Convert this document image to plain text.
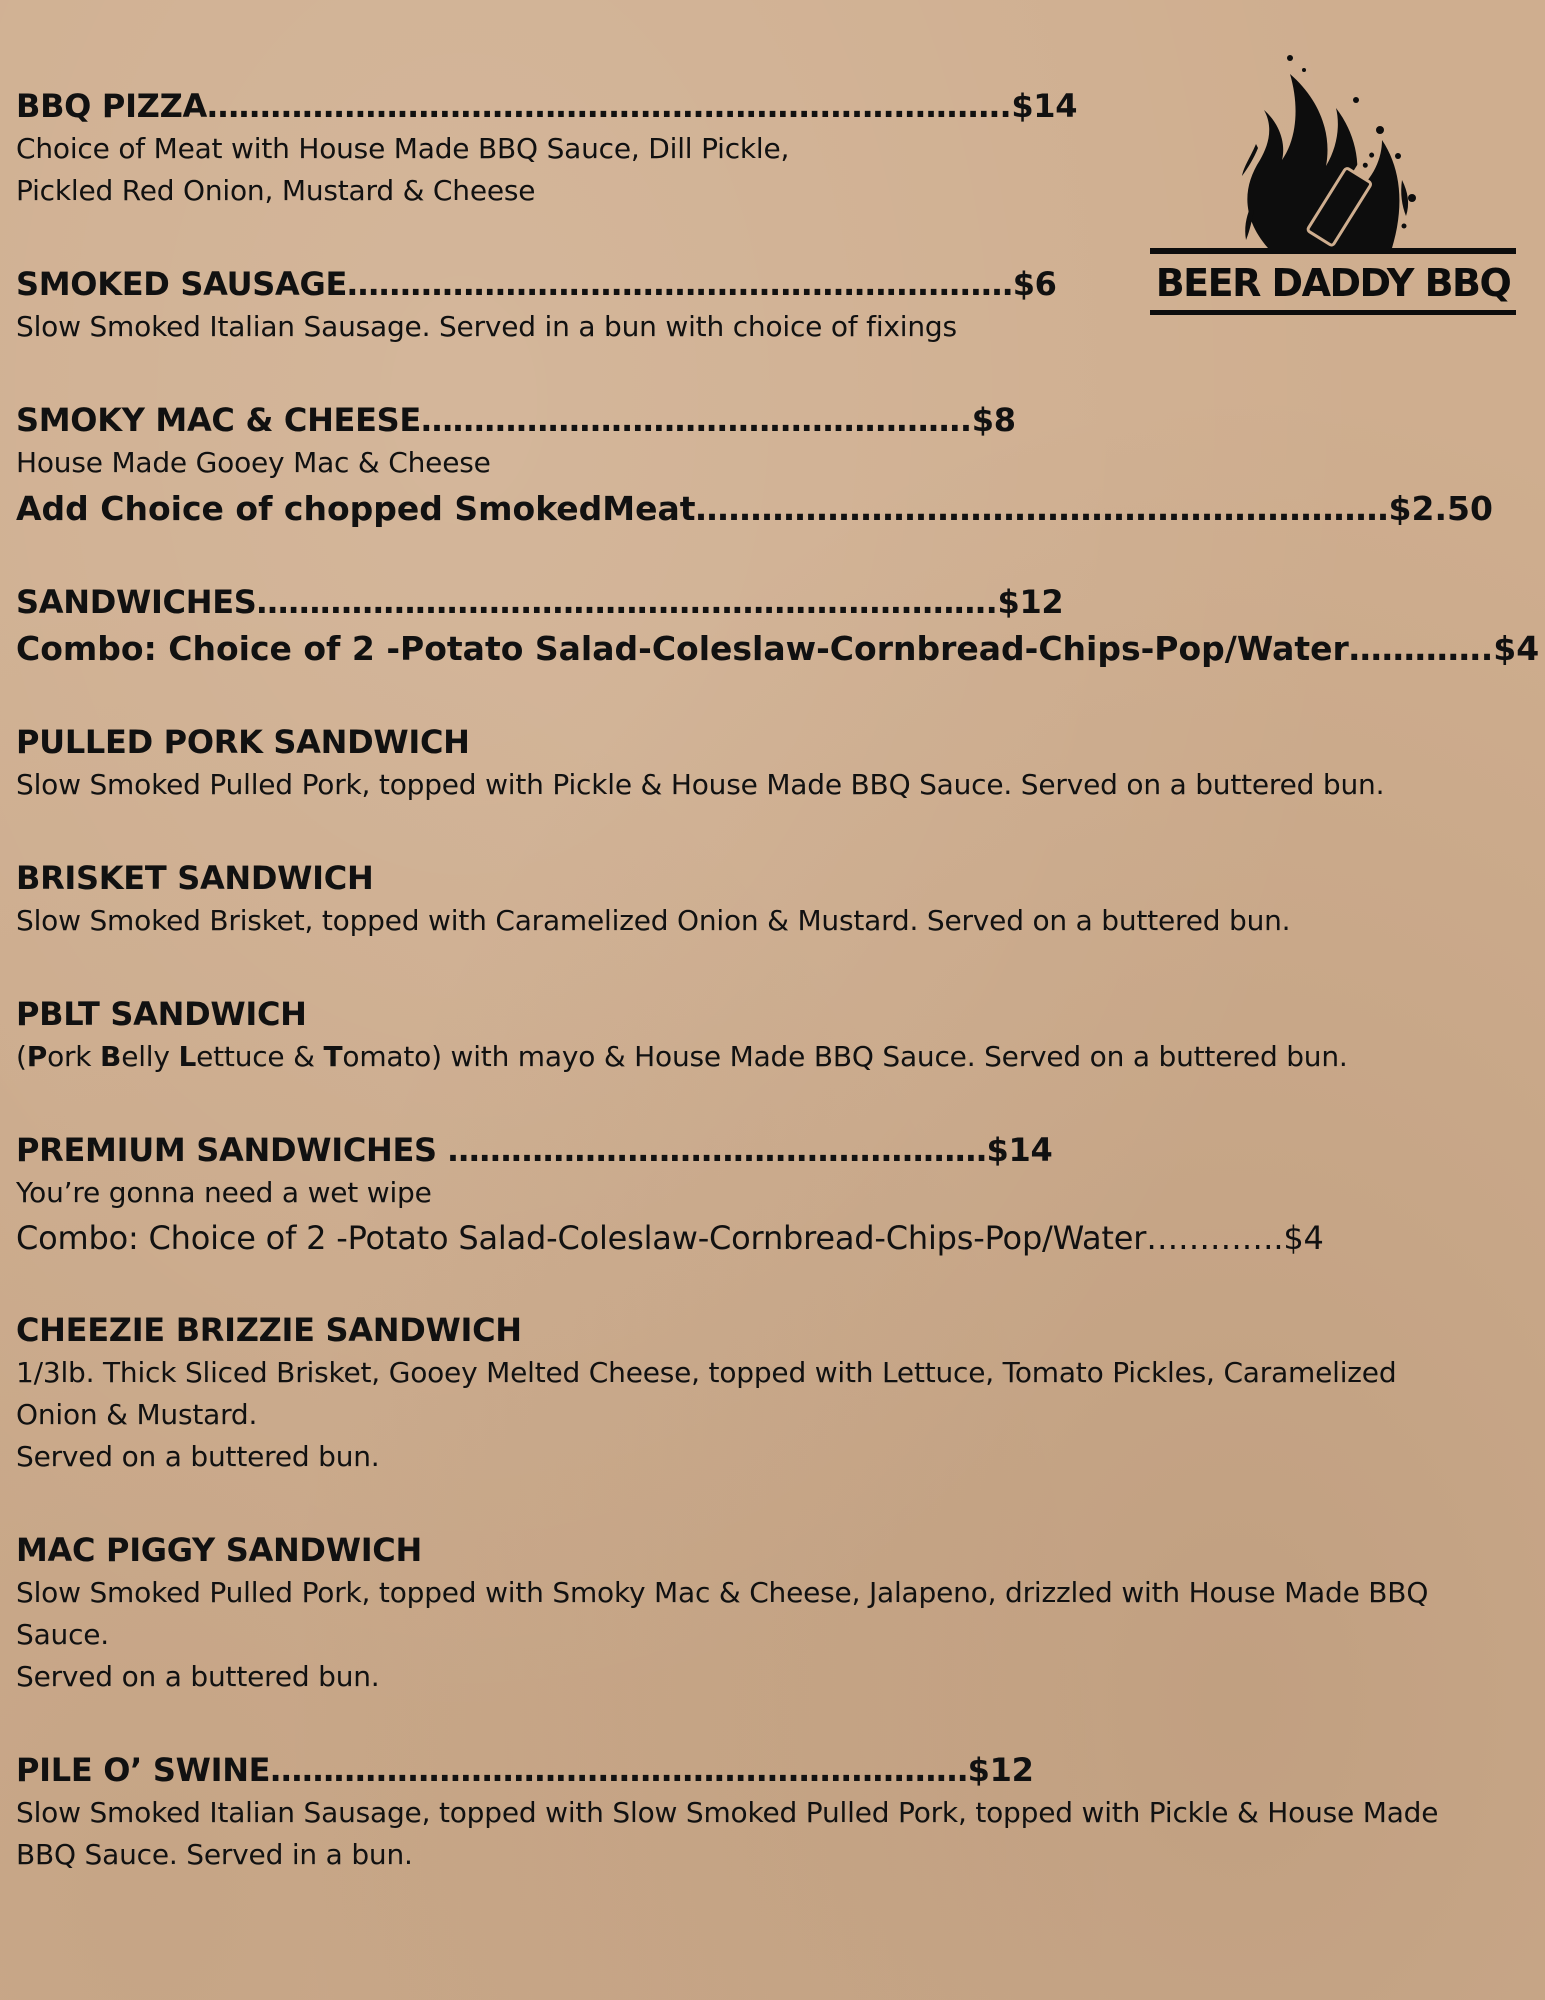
BEER DADDY BBQ
BBQ PIZZA………………………………………………………………….$14
Choice of Meat with House Made BBQ Sauce, Dill Pickle,
Pickled Red Onion, Mustard & Cheese
SMOKED SAUSAGE………………………………………………………$6
Slow Smoked Italian Sausage. Served in a bun with choice of fixings
SMOKY MAC & CHEESE…………………………………………….$8
House Made Gooey Mac & Cheese
Add Choice of chopped SmokedMeat………………………………………………………$2.50
SANDWICHES…………………………………………………………….$12
Combo: Choice of 2 -Potato Salad-Coleslaw-Cornbread-Chips-Pop/Water………….$4
PULLED PORK SANDWICH
Slow Smoked Pulled Pork, topped with Pickle & House Made BBQ Sauce. Served on a buttered bun.
BRISKET SANDWICH
Slow Smoked Brisket, topped with Caramelized Onion & Mustard. Served on a buttered bun.
PBLT SANDWICH
(Pork Belly Lettuce & Tomato) with mayo & House Made BBQ Sauce. Served on a buttered bun.
PREMIUM SANDWICHES ……………………………………………$14
You’re gonna need a wet wipe
Combo: Choice of 2 -Potato Salad-Coleslaw-Cornbread-Chips-Pop/Water………….$4
CHEEZIE BRIZZIE SANDWICH
1/3lb. Thick Sliced Brisket, Gooey Melted Cheese, topped with Lettuce, Tomato Pickles, Caramelized
Onion & Mustard.
Served on a buttered bun.
MAC PIGGY SANDWICH
Slow Smoked Pulled Pork, topped with Smoky Mac & Cheese, Jalapeno, drizzled with House Made BBQ
Sauce.
Served on a buttered bun.
PILE O’ SWINE…………………………………………………………$12
Slow Smoked Italian Sausage, topped with Slow Smoked Pulled Pork, topped with Pickle & House Made
BBQ Sauce. Served in a bun.
